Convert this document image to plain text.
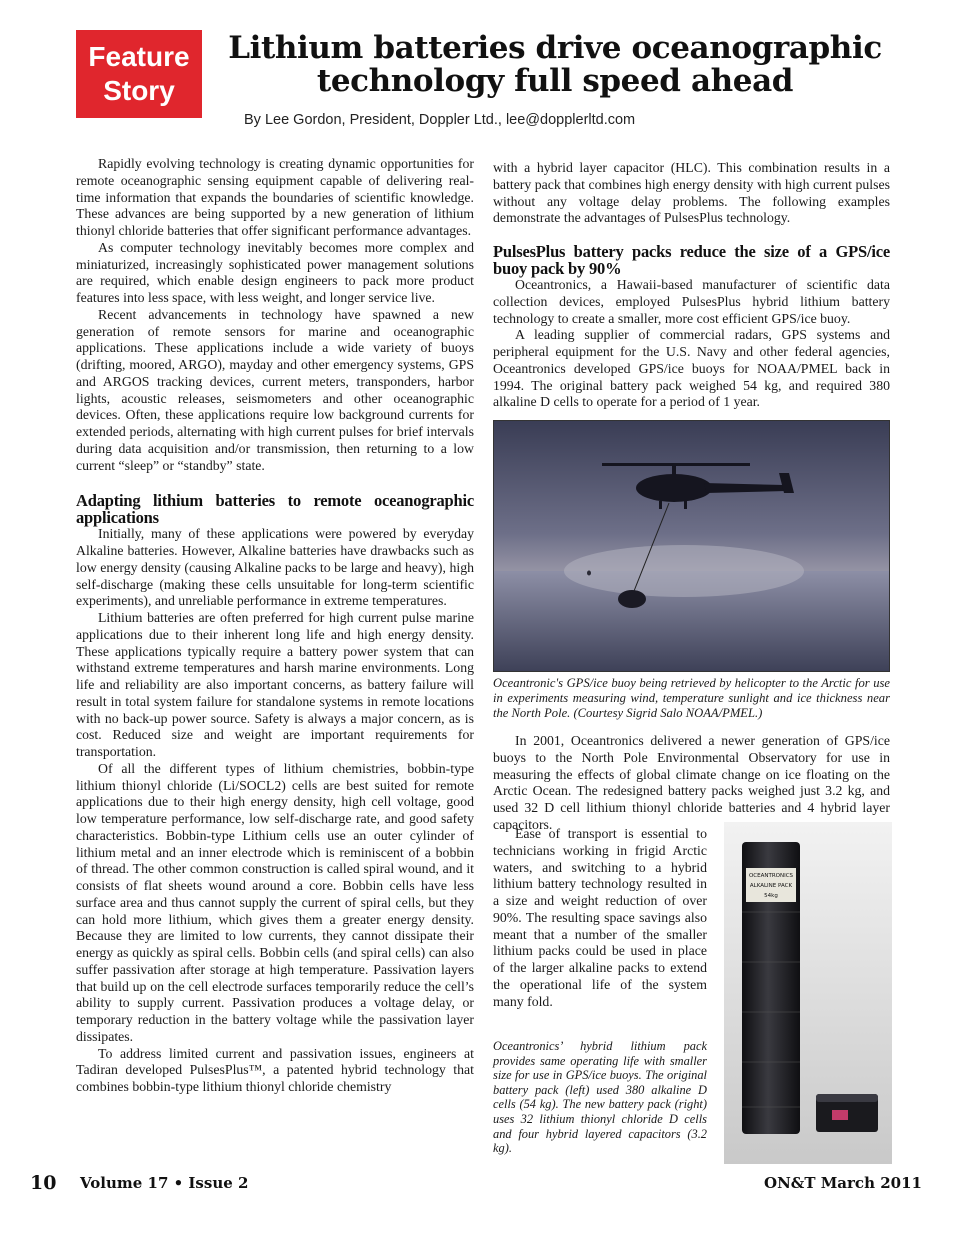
Feature
Story
Lithium batteries drive oceanographic
technology full speed ahead
By Lee Gordon, President, Doppler Ltd., lee@dopplerltd.com

Rapidly evolving technology is creating dynamic opportunities for remote oceanographic sensing equipment capable of delivering real-time information that expands the boundaries of scientific knowledge. These advances are being supported by a new generation of lithium thionyl chloride batteries that offer significant performance advantages.

As computer technology inevitably becomes more complex and miniaturized, increasingly sophisticated power management solutions are required, which enable design engineers to pack more product features into less space, with less weight, and longer service live.

Recent advancements in technology have spawned a new generation of remote sensors for marine and oceanographic applications. These applications include a wide variety of buoys (drifting, moored, ARGO), mayday and other emergency systems, GPS and ARGOS tracking devices, current meters, transponders, harbor lights, acoustic releases, seismometers and other oceanographic devices. Often, these applications require low background currents for extended periods, alternating with high current pulses for brief intervals during data acquisition and/or transmission, then returning to a low current “sleep” or “standby” state.

Adapting lithium batteries to remote oceanographic applications

Initially, many of these applications were powered by everyday Alkaline batteries. However, Alkaline batteries have drawbacks such as low energy density (causing Alkaline packs to be large and heavy), high self-discharge (making these cells unsuitable for long-term scientific experiments), and unreliable performance in extreme temperatures.

Lithium batteries are often preferred for high current pulse marine applications due to their inherent long life and high energy density. These applications typically require a battery power system that can withstand extreme temperatures and harsh marine environments. Long life and reliability are also important concerns, as battery failure will result in total system failure for standalone systems in remote locations with no back-up power source. Safety is always a major concern, as is cost. Reduced size and weight are important requirements for transportation.

Of all the different types of lithium chemistries, bobbin-type lithium thionyl chloride (Li/SOCL2) cells are best suited for remote applications due to their high energy density, high cell voltage, good low temperature performance, low self-discharge rate, and good safety characteristics. Bobbin-type Lithium cells use an outer cylinder of lithium metal and an inner electrode which is reminiscent of a bobbin of thread. The other common construction is called spiral wound, and it consists of flat sheets wound around a core. Bobbin cells have less surface area and thus cannot supply the current of spiral cells, but they can hold more lithium, which gives them a greater energy density. Because they are limited to low currents, they cannot dissipate their energy as quickly as spiral cells. Bobbin cells (and spiral cells) can also suffer passivation after storage at high temperature. Passivation layers that build up on the cell electrode surfaces temporarily reduce the cell’s ability to supply current. Passivation produces a voltage delay, or temporary reduction in the battery voltage while the passivation layer dissipates.

To address limited current and passivation issues, engineers at Tadiran developed PulsesPlus™, a patented hybrid technology that combines bobbin-type lithium thionyl chloride chemistry

with a hybrid layer capacitor (HLC). This combination results in a battery pack that combines high energy density with high current pulses without any voltage delay problems. The following examples demonstrate the advantages of PulsesPlus technology.

PulsesPlus battery packs reduce the size of a GPS/ice buoy pack by 90%

Oceantronics, a Hawaii-based manufacturer of scientific data collection devices, employed PulsesPlus hybrid lithium battery technology to create a smaller, more cost efficient GPS/ice buoy.

A leading supplier of commercial radars, GPS systems and peripheral equipment for the U.S. Navy and other federal agencies, Oceantronics developed GPS/ice buoys for NOAA/PMEL back in 1994. The original battery pack weighed 54 kg, and required 380 alkaline D cells to operate for a period of 1 year.

Oceantronic's GPS/ice buoy being retrieved by helicopter to the Arctic for use in experiments measuring wind, temperature sunlight and ice thickness near the North Pole. (Courtesy Sigrid Salo NOAA/PMEL.)

In 2001, Oceantronics delivered a newer generation of GPS/ice buoys to the North Pole Environmental Observatory for use in measuring the effects of global climate change on ice floating on the Arctic Ocean. The redesigned battery packs weighed just 3.2 kg, and used 32 D cell lithium thionyl chloride batteries and 4 hybrid layer capacitors.

Ease of transport is essential to technicians working in frigid Arctic waters, and switching to a hybrid lithium battery technology resulted in a size and weight reduction of over 90%. The resulting space savings also meant that a number of the smaller lithium packs could be used in place of the larger alkaline packs to extend the operational life of the system many fold.

Oceantronics’ hybrid lithium pack provides same operating life with smaller size for use in GPS/ice buoys. The original battery pack (left) used 380 alkaline D cells (54 kg). The new battery pack (right) uses 32 lithium thionyl chloride D cells and four hybrid layered capacitors (3.2 kg).
OCEANTRONICS
ALKALINE PACK
54kg
10 Volume 17 • Issue 2	ON&T March 2011
